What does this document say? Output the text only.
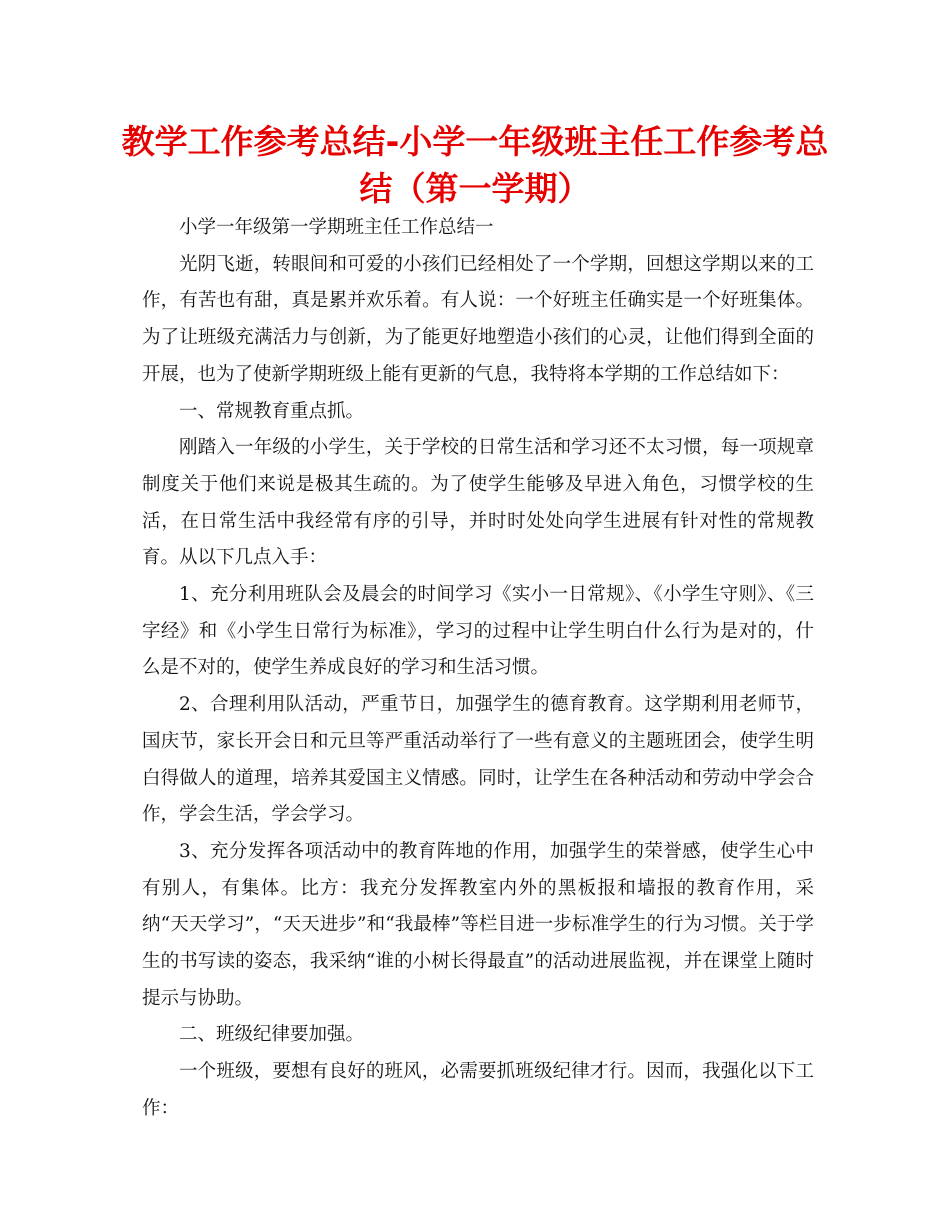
教学工作参考总结-小学一年级班主任工作参考总结（第一学期）

小学一年级第一学期班主任工作总结一

光阴飞逝，转眼间和可爱的小孩们已经相处了一个学期，回想这学期以来的工作，有苦也有甜，真是累并欢乐着。有人说：一个好班主任确实是一个好班集体。为了让班级充满活力与创新，为了能更好地塑造小孩们的心灵，让他们得到全面的开展，也为了使新学期班级上能有更新的气息，我特将本学期的工作总结如下：

一、常规教育重点抓。

刚踏入一年级的小学生，关于学校的日常生活和学习还不太习惯，每一项规章制度关于他们来说是极其生疏的。为了使学生能够及早进入角色，习惯学校的生活，在日常生活中我经常有序的引导，并时时处处向学生进展有针对性的常规教育。从以下几点入手：

1、充分利用班队会及晨会的时间学习《实小一日常规》、《小学生守则》、《三字经》和《小学生日常行为标准》，学习的过程中让学生明白什么行为是对的，什么是不对的，使学生养成良好的学习和生活习惯。

2、合理利用队活动，严重节日，加强学生的德育教育。这学期利用老师节，国庆节，家长开会日和元旦等严重活动举行了一些有意义的主题班团会，使学生明白得做人的道理，培养其爱国主义情感。同时，让学生在各种活动和劳动中学会合作，学会生活，学会学习。

3、充分发挥各项活动中的教育阵地的作用，加强学生的荣誉感，使学生心中有别人，有集体。比方：我充分发挥教室内外的黑板报和墙报的教育作用，采纳“天天学习”，“天天进步”和“我最棒”等栏目进一步标准学生的行为习惯。关于学生的书写读的姿态，我采纳“谁的小树长得最直”的活动进展监视，并在课堂上随时提示与协助。

二、班级纪律要加强。

一个班级，要想有良好的班风，必需要抓班级纪律才行。因而，我强化以下工作：
